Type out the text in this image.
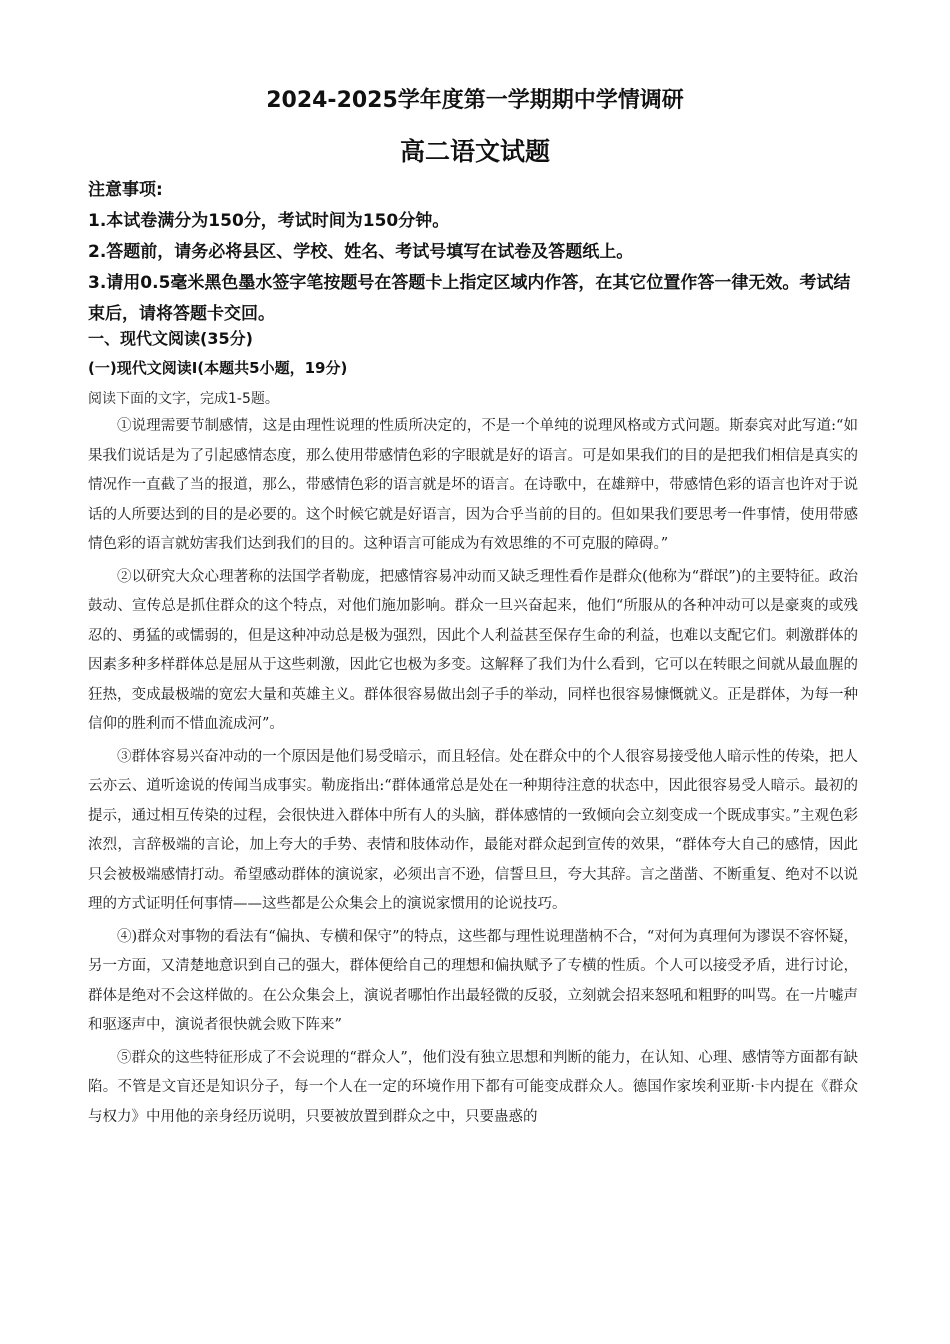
2024-2025学年度第一学期期中学情调研
高二语文试题

注意事项:

1.本试卷满分为150分，考试时间为150分钟。

2.答题前，请务必将县区、学校、姓名、考试号填写在试卷及答题纸上。

3.请用0.5毫米黑色墨水签字笔按题号在答题卡上指定区域内作答，在其它位置作答一律无效。考试结束后，请将答题卡交回。

一、现代文阅读(35分)

(一)现代文阅读I(本题共5小题，19分)

阅读下面的文字，完成1-5题。

①说理需要节制感情，这是由理性说理的性质所决定的，不是一个单纯的说理风格或方式问题。斯泰宾对此写道:“如果我们说话是为了引起感情态度，那么使用带感情色彩的字眼就是好的语言。可是如果我们的目的是把我们相信是真实的情况作一直截了当的报道，那么，带感情色彩的语言就是坏的语言。在诗歌中，在雄辩中，带感情色彩的语言也许对于说话的人所要达到的目的是必要的。这个时候它就是好语言，因为合乎当前的目的。但如果我们要思考一件事情，使用带感情色彩的语言就妨害我们达到我们的目的。这种语言可能成为有效思维的不可克服的障碍。”

②以研究大众心理著称的法国学者勒庞，把感情容易冲动而又缺乏理性看作是群众(他称为“群氓”)的主要特征。政治鼓动、宣传总是抓住群众的这个特点，对他们施加影响。群众一旦兴奋起来，他们“所服从的各种冲动可以是豪爽的或残忍的、勇猛的或懦弱的，但是这种冲动总是极为强烈，因此个人利益甚至保存生命的利益，也难以支配它们。刺激群体的因素多种多样群体总是屈从于这些刺激，因此它也极为多变。这解释了我们为什么看到，它可以在转眼之间就从最血腥的狂热，变成最极端的宽宏大量和英雄主义。群体很容易做出刽子手的举动，同样也很容易慷慨就义。正是群体，为每一种信仰的胜利而不惜血流成河”。

③群体容易兴奋冲动的一个原因是他们易受暗示，而且轻信。处在群众中的个人很容易接受他人暗示性的传染，把人云亦云、道听途说的传闻当成事实。勒庞指出:“群体通常总是处在一种期待注意的状态中，因此很容易受人暗示。最初的提示，通过相互传染的过程，会很快进入群体中所有人的头脑，群体感情的一致倾向会立刻变成一个既成事实。”主观色彩浓烈，言辞极端的言论，加上夸大的手势、表情和肢体动作，最能对群众起到宣传的效果，“群体夸大自己的感情，因此只会被极端感情打动。希望感动群体的演说家，必须出言不逊，信誓旦旦，夸大其辞。言之凿凿、不断重复、绝对不以说理的方式证明任何事情——这些都是公众集会上的演说家惯用的论说技巧。

④)群众对事物的看法有“偏执、专横和保守”的特点，这些都与理性说理凿枘不合，“对何为真理何为谬误不容怀疑，另一方面，又清楚地意识到自己的强大，群体便给自己的理想和偏执赋予了专横的性质。个人可以接受矛盾，进行讨论，群体是绝对不会这样做的。在公众集会上，演说者哪怕作出最轻微的反驳，立刻就会招来怒吼和粗野的叫骂。在一片嘘声和驱逐声中，演说者很快就会败下阵来”

⑤群众的这些特征形成了不会说理的“群众人”，他们没有独立思想和判断的能力，在认知、心理、感情等方面都有缺陷。不管是文盲还是知识分子，每一个人在一定的环境作用下都有可能变成群众人。德国作家埃利亚斯·卡内提在《群众与权力》中用他的亲身经历说明，只要被放置到群众之中，只要蛊惑的
